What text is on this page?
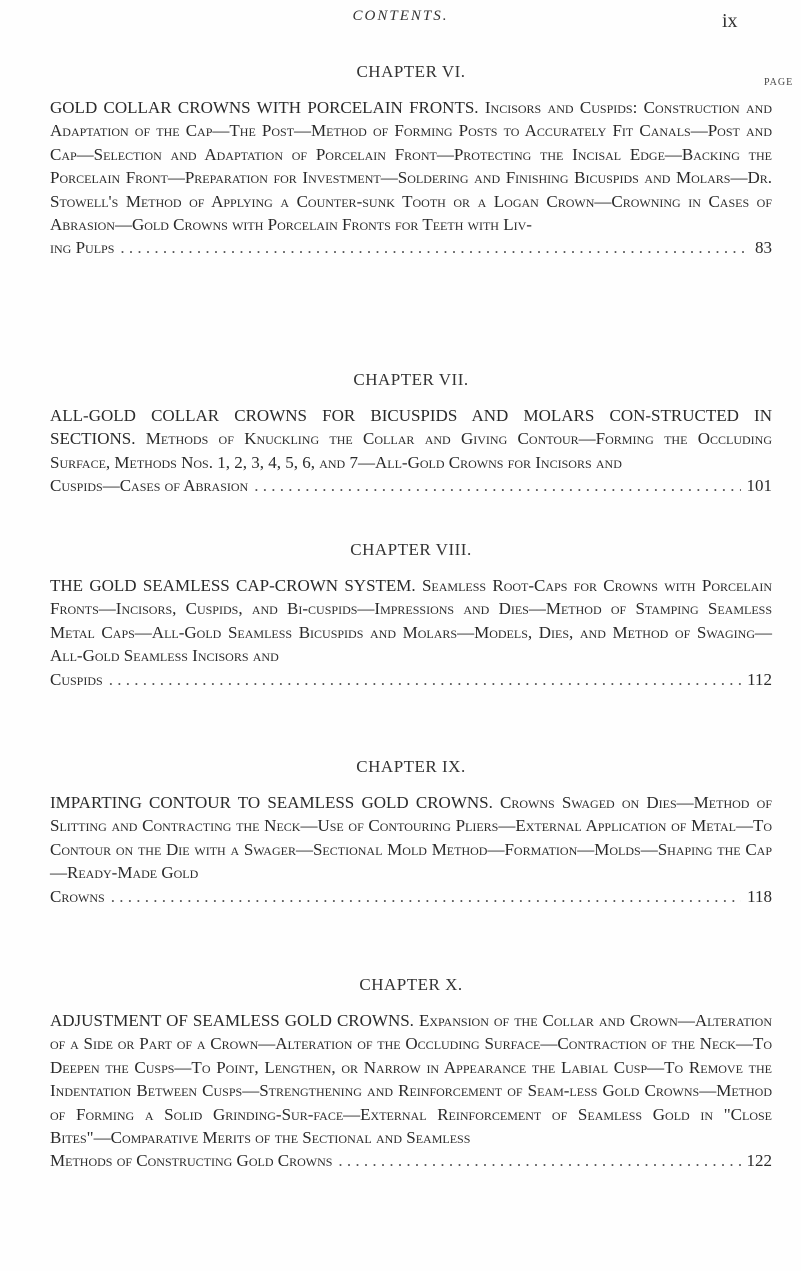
CONTENTS.	ix
PAGE
CHAPTER VI.

GOLD COLLAR CROWNS WITH PORCELAIN FRONTS. Incisors and Cuspids: Construction and Adaptation of the Cap—The Post—Method of Forming Posts to Accurately Fit Canals—Post and Cap—Selection and Adaptation of Porcelain Front—Protecting the Incisal Edge—Backing the Porcelain Front—Preparation for Investment—Soldering and Finishing Bicuspids and Molars—Dr. Stowell's Method of Applying a Counter-sunk Tooth or a Logan Crown—Crowning in Cases of Abrasion—Gold Crowns with Porcelain Fronts for Teeth with Liv-
ing Pulps . . .	83

CHAPTER VII.

ALL-GOLD COLLAR CROWNS FOR BICUSPIDS AND MOLARS CON-STRUCTED IN SECTIONS. Methods of Knuckling the Collar and Giving Contour—Forming the Occluding Surface, Methods Nos. 1, 2, 3, 4, 5, 6, and 7—All-Gold Crowns for Incisors and
Cuspids—Cases of Abrasion . . .	101

CHAPTER VIII.

THE GOLD SEAMLESS CAP-CROWN SYSTEM. Seamless Root-Caps for Crowns with Porcelain Fronts—Incisors, Cuspids, and Bi-cuspids—Impressions and Dies—Method of Stamping Seamless Metal Caps—All-Gold Seamless Bicuspids and Molars—Models, Dies, and Method of Swaging—All-Gold Seamless Incisors and
Cuspids . . .	112

CHAPTER IX.

IMPARTING CONTOUR TO SEAMLESS GOLD CROWNS. Crowns Swaged on Dies—Method of Slitting and Contracting the Neck—Use of Contouring Pliers—External Application of Metal—To Contour on the Die with a Swager—Sectional Mold Method—Formation—Molds—Shaping the Cap—Ready-Made Gold
Crowns . . .	118

CHAPTER X.

ADJUSTMENT OF SEAMLESS GOLD CROWNS. Expansion of the Collar and Crown—Alteration of a Side or Part of a Crown—Alteration of the Occluding Surface—Contraction of the Neck—To Deepen the Cusps—To Point, Lengthen, or Narrow in Appearance the Labial Cusp—To Remove the Indentation Between Cusps—Strengthening and Reinforcement of Seam-less Gold Crowns—Method of Forming a Solid Grinding-Sur-face—External Reinforcement of Seamless Gold in "Close Bites"—Comparative Merits of the Sectional and Seamless
Methods of Constructing Gold Crowns . . .	122
